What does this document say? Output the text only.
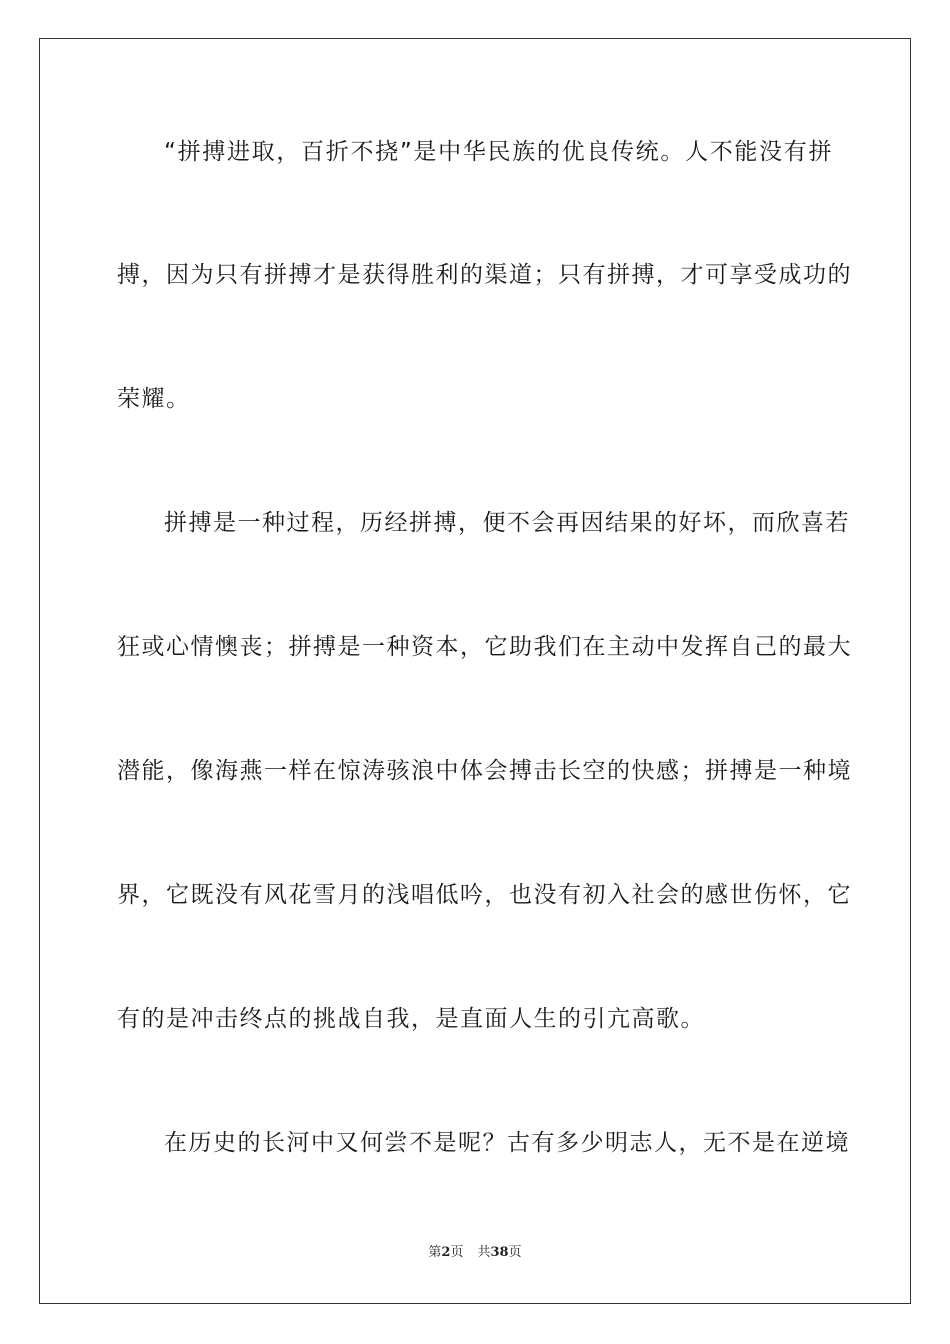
“拼搏进取，百折不挠”是中华民族的优良传统。人不能没有拼
搏，因为只有拼搏才是获得胜利的渠道；只有拼搏，才可享受成功的
荣耀。
拼搏是一种过程，历经拼搏，便不会再因结果的好坏，而欣喜若
狂或心情懊丧；拼搏是一种资本，它助我们在主动中发挥自己的最大
潜能，像海燕一样在惊涛骇浪中体会搏击长空的快感；拼搏是一种境
界，它既没有风花雪月的浅唱低吟，也没有初入社会的感世伤怀，它
有的是冲击终点的挑战自我，是直面人生的引亢高歌。
在历史的长河中又何尝不是呢？古有多少明志人，无不是在逆境
第2页 共38页
